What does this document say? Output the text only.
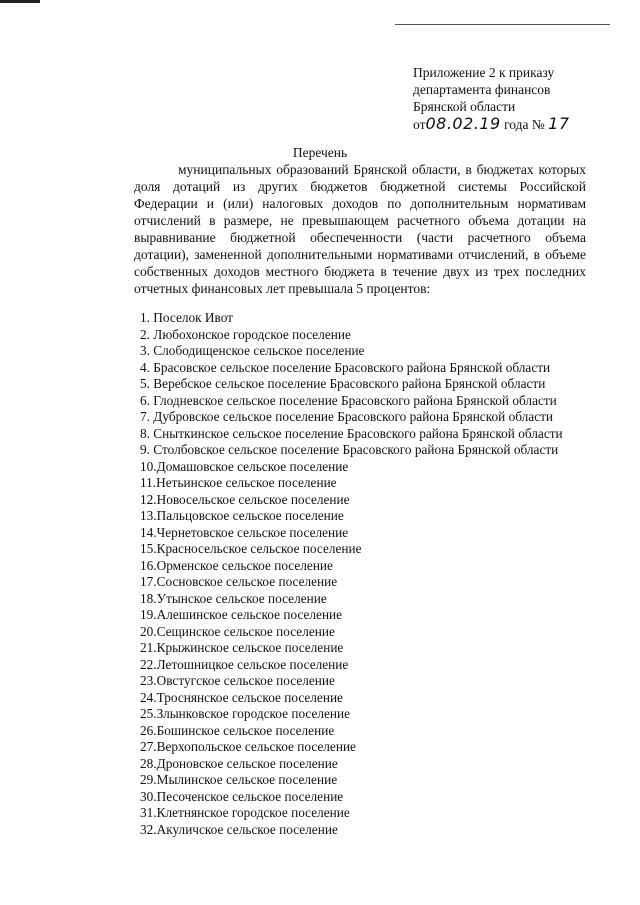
Приложение 2 к приказу
департамента финансов
Брянской области
от08.02.19 года № 17
Перечень
муниципальных образований Брянской области, в бюджетах которых доля дотаций из других бюджетов бюджетной системы Российской Федерации и (или) налоговых доходов по дополнительным нормативам отчислений в размере, не превышающем расчетного объема дотации на выравнивание бюджетной обеспеченности (части расчетного объема дотации), замененной дополнительными нормативами отчислений, в объеме собственных доходов местного бюджета в течение двух из трех последних отчетных финансовых лет превышала 5 процентов:
1. Поселок Ивот
2. Любохонское городское поселение
3. Слободищенское сельское поселение
4. Брасовское сельское поселение Брасовского района Брянской области
5. Веребское сельское поселение Брасовского района Брянской области
6. Глодневское сельское поселение Брасовского района Брянской области
7. Дубровское сельское поселение Брасовского района Брянской области
8. Сныткинское сельское поселение Брасовского района Брянской области
9. Столбовское сельское поселение Брасовского района Брянской области
10.Домашовское сельское поселение
11.Нетьинское сельское поселение
12.Новосельское сельское поселение
13.Пальцовское сельское поселение
14.Чернетовское сельское поселение
15.Красносельское сельское поселение
16.Орменское сельское поселение
17.Сосновское сельское поселение
18.Утынское сельское поселение
19.Алешинское сельское поселение
20.Сещинское сельское поселение
21.Крыжинское сельское поселение
22.Летошницкое сельское поселение
23.Овстугское сельское поселение
24.Троснянское сельское поселение
25.Злынковское городское поселение
26.Бошинское сельское поселение
27.Верхопольское сельское поселение
28.Дроновское сельское поселение
29.Мылинское сельское поселение
30.Песоченское сельское поселение
31.Клетнянское городское поселение
32.Акуличское сельское поселение
